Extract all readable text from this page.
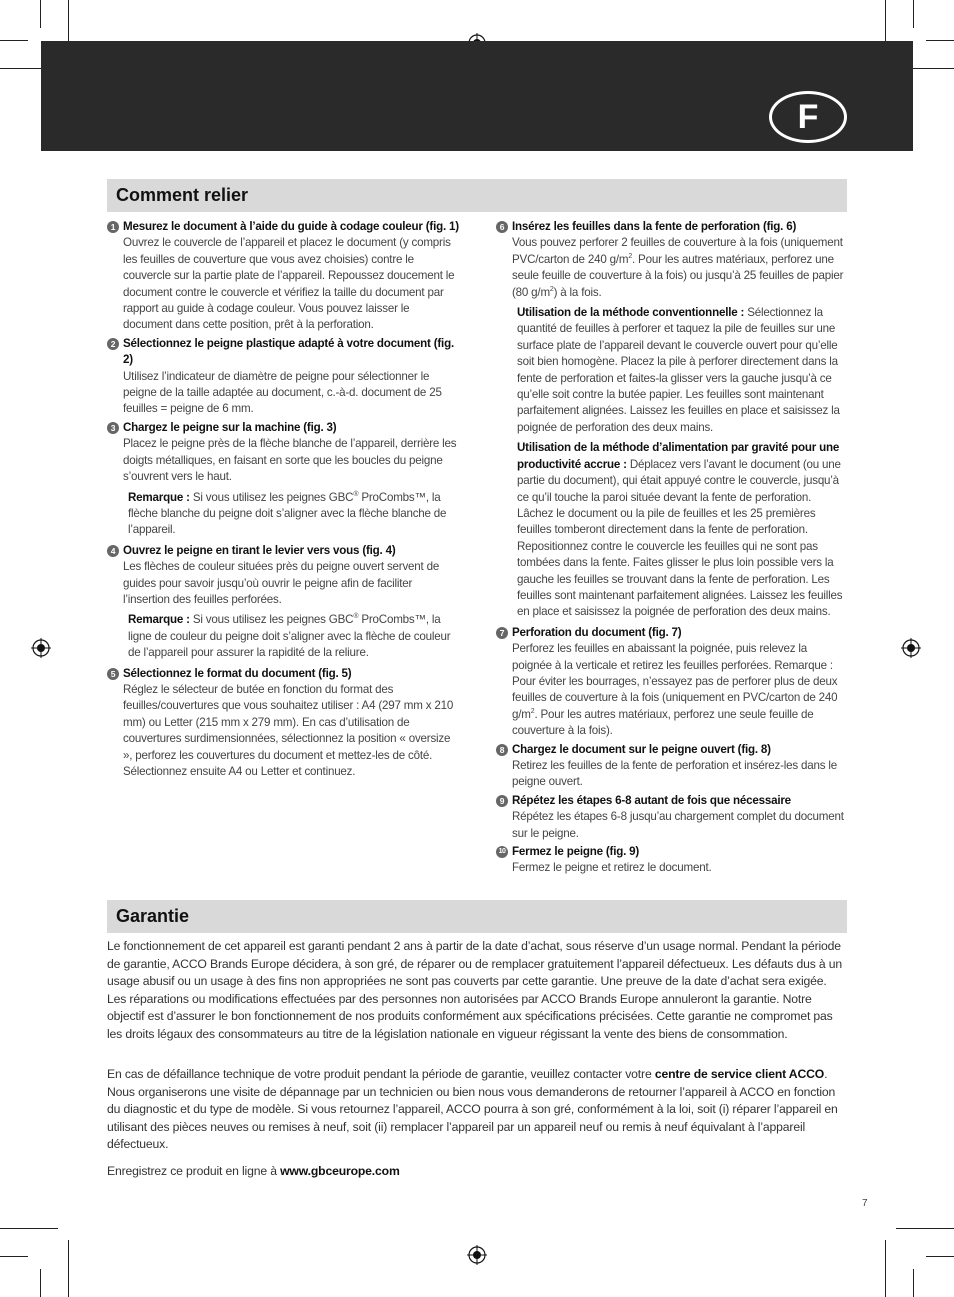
F
Comment relier
1 Mesurez le document à l’aide du guide à codage couleur (fig. 1)
Ouvrez le couvercle de l’appareil et placez le document (y compris les feuilles de couverture que vous avez choisies) contre le couvercle sur la partie plate de l’appareil. Repoussez doucement le document contre le couvercle et vérifiez la taille du document par rapport au guide à codage couleur. Vous pouvez laisser le document dans cette position, prêt à la perforation.
2 Sélectionnez le peigne plastique adapté à votre document (fig. 2)
Utilisez l’indicateur de diamètre de peigne pour sélectionner le peigne de la taille adaptée au document, c.-à-d. document de 25 feuilles = peigne de 6 mm.
3 Chargez le peigne sur la machine (fig. 3)
Placez le peigne près de la flèche blanche de l’appareil, derrière les doigts métalliques, en faisant en sorte que les boucles du peigne s’ouvrent vers le haut.
Remarque : Si vous utilisez les peignes GBC® ProCombs™, la flèche blanche du peigne doit s’aligner avec la flèche blanche de l’appareil.
4 Ouvrez le peigne en tirant le levier vers vous (fig. 4)
Les flèches de couleur situées près du peigne ouvert servent de guides pour savoir jusqu’où ouvrir le peigne afin de faciliter l’insertion des feuilles perforées.
Remarque : Si vous utilisez les peignes GBC® ProCombs™, la ligne de couleur du peigne doit s’aligner avec la flèche de couleur de l’appareil pour assurer la rapidité de la reliure.
5 Sélectionnez le format du document (fig. 5)
Réglez le sélecteur de butée en fonction du format des feuilles/couvertures que vous souhaitez utiliser : A4 (297 mm x 210 mm) ou Letter (215 mm x 279 mm). En cas d’utilisation de couvertures surdimensionnées, sélectionnez la position « oversize », perforez les couvertures du document et mettez-les de côté. Sélectionnez ensuite A4 ou Letter et continuez.
6 Insérez les feuilles dans la fente de perforation (fig. 6)
Vous pouvez perforer 2 feuilles de couverture à la fois (uniquement PVC/carton de 240 $g/m^2$. Pour les autres matériaux, perforez une seule feuille de couverture à la fois) ou jusqu’à 25 feuilles de papier (80 $g/m^2$) à la fois.
Utilisation de la méthode conventionnelle : Sélectionnez la quantité de feuilles à perforer et taquez la pile de feuilles sur une surface plate de l’appareil devant le couvercle ouvert pour qu’elle soit bien homogène. Placez la pile à perforer directement dans la fente de perforation et faites-la glisser vers la gauche jusqu’à ce qu’elle soit contre la butée papier. Les feuilles sont maintenant parfaitement alignées. Laissez les feuilles en place et saisissez la poignée de perforation des deux mains.
Utilisation de la méthode d’alimentation par gravité pour une productivité accrue : Déplacez vers l’avant le document (ou une partie du document), qui était appuyé contre le couvercle, jusqu’à ce qu’il touche la paroi située devant la fente de perforation. Lâchez le document ou la pile de feuilles et les 25 premières feuilles tomberont directement dans la fente de perforation. Repositionnez contre le couvercle les feuilles qui ne sont pas tombées dans la fente. Faites glisser le plus loin possible vers la gauche les feuilles se trouvant dans la fente de perforation. Les feuilles sont maintenant parfaitement alignées. Laissez les feuilles en place et saisissez la poignée de perforation des deux mains.
7 Perforation du document (fig. 7)
Perforez les feuilles en abaissant la poignée, puis relevez la poignée à la verticale et retirez les feuilles perforées. Remarque : Pour éviter les bourrages, n’essayez pas de perforer plus de deux feuilles de couverture à la fois (uniquement en PVC/carton de 240 $g/m^2$. Pour les autres matériaux, perforez une seule feuille de couverture à la fois).
8 Chargez le document sur le peigne ouvert (fig. 8)
Retirez les feuilles de la fente de perforation et insérez-les dans le peigne ouvert.
9 Répétez les étapes 6-8 autant de fois que nécessaire
Répétez les étapes 6-8 jusqu’au chargement complet du document sur le peigne.
10 Fermez le peigne (fig. 9)
Fermez le peigne et retirez le document.
Garantie
Le fonctionnement de cet appareil est garanti pendant 2 ans à partir de la date d’achat, sous réserve d’un usage normal. Pendant la période de garantie, ACCO Brands Europe décidera, à son gré, de réparer ou de remplacer gratuitement l’appareil défectueux. Les défauts dus à un usage abusif ou un usage à des fins non appropriées ne sont pas couverts par cette garantie. Une preuve de la date d’achat sera exigée. Les réparations ou modifications effectuées par des personnes non autorisées par ACCO Brands Europe annuleront la garantie. Notre objectif est d’assurer le bon fonctionnement de nos produits conformément aux spécifications précisées. Cette garantie ne compromet pas les droits légaux des consommateurs au titre de la législation nationale en vigueur régissant la vente des biens de consommation.
En cas de défaillance technique de votre produit pendant la période de garantie, veuillez contacter votre centre de service client ACCO. Nous organiserons une visite de dépannage par un technicien ou bien nous vous demanderons de retourner l’appareil à ACCO en fonction du diagnostic et du type de modèle. Si vous retournez l’appareil, ACCO pourra à son gré, conformément à la loi, soit (i) réparer l’appareil en utilisant des pièces neuves ou remises à neuf, soit (ii) remplacer l’appareil par un appareil neuf ou remis à neuf équivalant à l’appareil défectueux.
Enregistrez ce produit en ligne à www.gbceurope.com
7
